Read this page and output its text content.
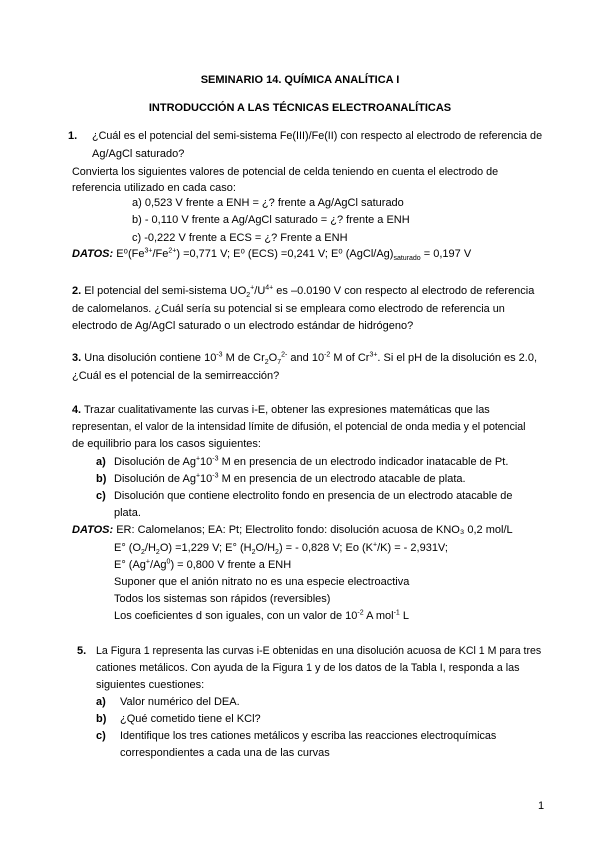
SEMINARIO 14. QUÍMICA ANALÍTICA I
INTRODUCCIÓN A LAS TÉCNICAS ELECTROANALÍTICAS
1. ¿Cuál es el potencial del semi-sistema Fe(III)/Fe(II) con respecto al electrodo de referencia de
Ag/AgCl saturado?
Convierta los siguientes valores de potencial de celda teniendo en cuenta el electrodo de
referencia utilizado en cada caso:
a) 0,523 V frente a ENH = ¿? frente a Ag/AgCl saturado
b) - 0,110 V frente a Ag/AgCl saturado = ¿? frente a ENH
c) -0,222 V frente a ECS = ¿? Frente a ENH
DATOS: $E^0(Fe^{3+}/Fe^{2+}) =0,771$ V; E⁰ (ECS) =0,241 V; E⁰ $(AgCl/Ag)_{saturado} = 0,197$ V
2. El potencial del semi-sistema $UO_2^+/U^{4+}$ es –0.0190 V con respecto al electrodo de referencia
de calomelanos. ¿Cuál sería su potencial si se empleara como electrodo de referencia un
electrodo de Ag/AgCl saturado o un electrodo estándar de hidrógeno?
3. Una disolución contiene $10^{-3}$ M de $Cr_2O_7^{2-}$ and $10^{-2}$ M of $Cr^{3+}$. Si el pH de la disolución es 2.0,
¿Cuál es el potencial de la semirreacción?
4. Trazar cualitativamente las curvas i-E, obtener las expresiones matemáticas que las
representan, el valor de la intensidad límite de difusión, el potencial de onda media y el potencial
de equilibrio para los casos siguientes:
a) Disolución de $Ag^+10^{-3}$ M en presencia de un electrodo indicador inatacable de Pt.
b) Disolución de $Ag^+10^{-3}$ M en presencia de un electrodo atacable de plata.
c) Disolución que contiene electrolito fondo en presencia de un electrodo atacable de
plata.
DATOS: ER: Calomelanos; EA: Pt; Electrolito fondo: disolución acuosa de KNO₃ 0,2 mol/L
E° $(O_2/H_2O) =1,229$ V; E° $(H_2O/H_2)$ = - 0,828 V; Eo (K+/K) = - 2,931V;
E° $(Ag^+/Ag^0) = 0,800$ V frente a ENH
Suponer que el anión nitrato no es una especie electroactiva
Todos los sistemas son rápidos (reversibles)
Los coeficientes d son iguales, con un valor de $10^{-2}$ A mol$^{-1}$ L
5. La Figura 1 representa las curvas i-E obtenidas en una disolución acuosa de KCl 1 M para tres
cationes metálicos. Con ayuda de la Figura 1 y de los datos de la Tabla I, responda a las
siguientes cuestiones:
a) Valor numérico del DEA.
b) ¿Qué cometido tiene el KCl?
c) Identifique los tres cationes metálicos y escriba las reacciones electroquímicas
correspondientes a cada una de las curvas
1
